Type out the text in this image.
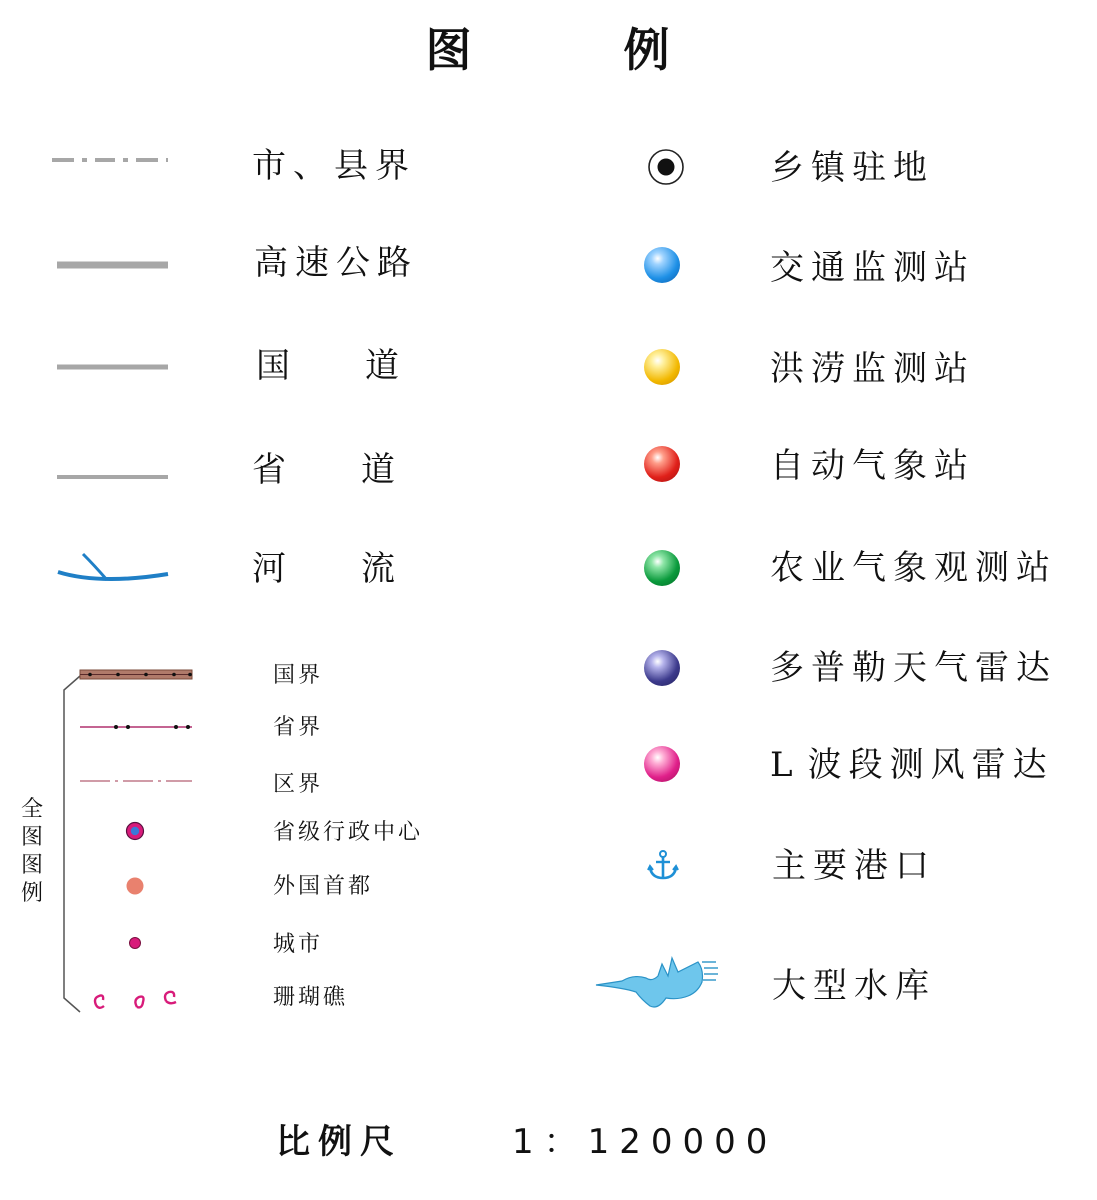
图	例
市、县界
高速公路
国 道
省 道
河 流
全图图例
国界
省界
区界
省级行政中心
外国首都
城市
珊瑚礁
乡镇驻地
交通监测站
洪涝监测站
自动气象站
农业气象观测站
多普勒天气雷达
L 波段测风雷达
主要港口
大型水库
比例尺	1：120000
